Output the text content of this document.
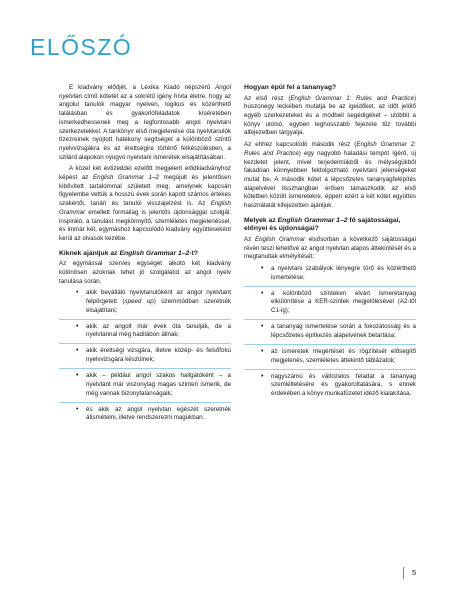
ELŐSZÓ

E kiadvány elődjét, a Lexika Kiadó népszerű Angol nyelvtan című kötetét az a sokrétű igény hívta életre, hogy az angolul tanulók magyar nyelven, logikus és közérthető találásban és gyakorlófeladatok kíséretében ismerkedhessenek meg a legfontosabb angol nyelvtani szerkezetekkel. A tankönyv első megjelenése óta nyelvtanulók tízezreinek nyújtott hatékony segítséget a különböző szintű nyelvvizsgákra és az érettségire történő felkészülésben, a szilárd alapokon nyugvó nyelvtani ismeretek elsajátításában.

A közel két évtizeddel ezelőtt megjelent elődkiadványhoz képest az English Grammar 1–2 megújult és jelentősen kibővített tartalommal született meg, amelynek kapcsán figyelembe vettük a hosszú évek során kapott számos értékes szakértői, tanári és tanulói visszajelzést is. Az English Grammar emellett formailag is jelentős újdonsággal szolgál: inspiráló, a tanulást megkönnyítő, szemléletes megjelenéssel, és immár két, egymáshoz kapcsolódó kiadvány együtteseként kerül az olvasók kezébe.

Kiknek ajánljuk az English Grammar 1–2-t?

Az egymással szerves egységet alkotó két kiadvány különösen azoknak tehet jó szolgálatot az angol nyelv tanulása során,

• akik beválláló nyelvtanulóként az angol nyelvtant felpörgetett (speed up) üzemmódban szeretnék elsajátítani;
• akik az angolt már évek óta tanulják, de a nyelvtannal még hadilábon állnak;
• akik érettségi vizsgára, illetve közép- és felsőfokú nyelvvizsgára készülnek;
• akik – például angol szakos hallgatóként – a nyelvtant már viszonylag magas szinten ismerik, de még vannak bizonytalanságaik;
• és akik az angol nyelvtan egészét szeretnék átismételni, illetve rendszerezni magukban.
Hogyan épül fel a tananyag?

Az első rész (English Grammar 1: Rules and Practice) huszonegy leckében mutatja be az igeidőket, az időt jelölő egyéb szerkezeteket és a módbeli segédigéket – utóbbit a könyv utolsó, egyben leghosszabb fejezete tűz további alfejezetben tárgyalja.

Az ehhez kapcsolódó második rész (English Grammar 2: Rules and Practice) egy nagyobb haladási tempót ígérő, új kezdetet jelent, mivel terjedelmükből és mélységükből fakadóan könnyebben feldolgozható nyelvtani jelenségeket mutat be. A második kötet a lépcsőzetes tananyagfelépítés alapelvével összhangban erősen támaszkodik az első kötetben közölt ismeretekre, éppen ezért a két kötet együttes használatát kifejezetten ajánljuk.

Melyek az English Grammar 1–2 fő sajátosságai, előnyei és újdonságai?

Az English Grammar elsősorban a következő sajátosságai révén teszi lehetővé az angol nyelvtan alapos áttekintését és a megtanultak elmélyítését:

• a nyelvtani szabályok lényegre törő és közérthető ismertetése;
• a különböző szinteken elvárt ismeretanyag elkülönítése a KER-szintek megjelölésével (A2-től C1-ig);
• a tananyag ismertetése során a fokozatosság és a lépcsőzetes építkezés alapelvének betartása;
• az ismeretek megértését és rögzítését elősegítő megjelenés, szemléletes áttekintő táblázatok;
• nagyszámú és változatos feladat a tananyag szemléltetésére és gyakoroltatására, s ennek érdekében a könyv munkafüzetet idéző kialakítása.
5
